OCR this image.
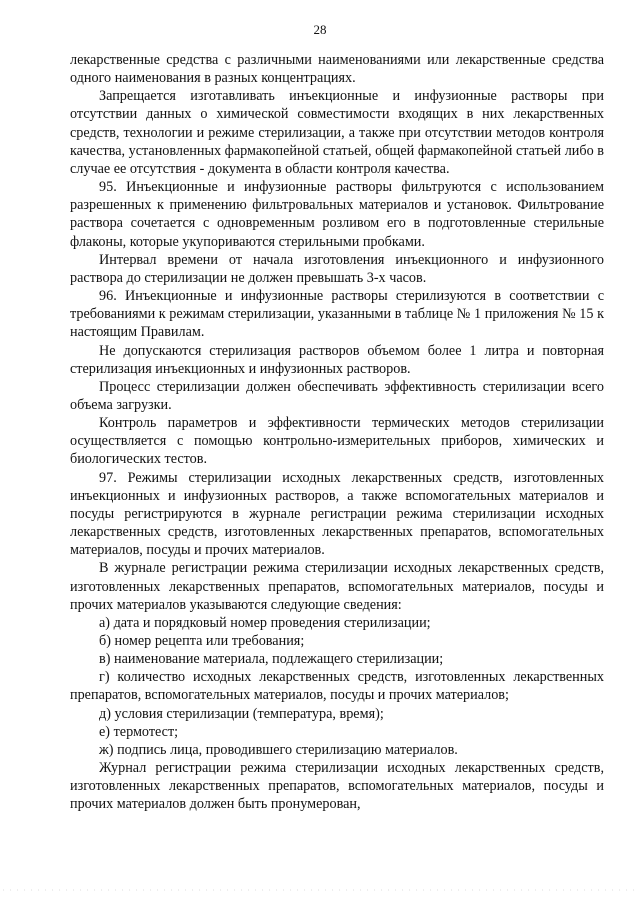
28

лекарственные средства с различными наименованиями или лекарственные средства одного наименования в разных концентрациях.

Запрещается изготавливать инъекционные и инфузионные растворы при отсутствии данных о химической совместимости входящих в них лекарственных средств, технологии и режиме стерилизации, а также при отсутствии методов контроля качества, установленных фармакопейной статьей, общей фармакопейной статьей либо в случае ее отсутствия - документа в области контроля качества.

95. Инъекционные и инфузионные растворы фильтруются с использованием разрешенных к применению фильтровальных материалов и установок. Фильтрование раствора сочетается с одновременным розливом его в подготовленные стерильные флаконы, которые укупориваются стерильными пробками.

Интервал времени от начала изготовления инъекционного и инфузионного раствора до стерилизации не должен превышать 3-х часов.

96. Инъекционные и инфузионные растворы стерилизуются в соответствии с требованиями к режимам стерилизации, указанными в таблице № 1 приложения № 15 к настоящим Правилам.

Не допускаются стерилизация растворов объемом более 1 литра и повторная стерилизация инъекционных и инфузионных растворов.

Процесс стерилизации должен обеспечивать эффективность стерилизации всего объема загрузки.

Контроль параметров и эффективности термических методов стерилизации осуществляется с помощью контрольно-измерительных приборов, химических и биологических тестов.

97. Режимы стерилизации исходных лекарственных средств, изготовленных инъекционных и инфузионных растворов, а также вспомогательных материалов и посуды регистрируются в журнале регистрации режима стерилизации исходных лекарственных средств, изготовленных лекарственных препаратов, вспомогательных материалов, посуды и прочих материалов.

В журнале регистрации режима стерилизации исходных лекарственных средств, изготовленных лекарственных препаратов, вспомогательных материалов, посуды и прочих материалов указываются следующие сведения:

а) дата и порядковый номер проведения стерилизации;

б) номер рецепта или требования;

в) наименование материала, подлежащего стерилизации;

г) количество исходных лекарственных средств, изготовленных лекарственных препаратов, вспомогательных материалов, посуды и прочих материалов;

д) условия стерилизации (температура, время);

е) термотест;

ж) подпись лица, проводившего стерилизацию материалов.

Журнал регистрации режима стерилизации исходных лекарственных средств, изготовленных лекарственных препаратов, вспомогательных материалов, посуды и прочих материалов должен быть пронумерован,
